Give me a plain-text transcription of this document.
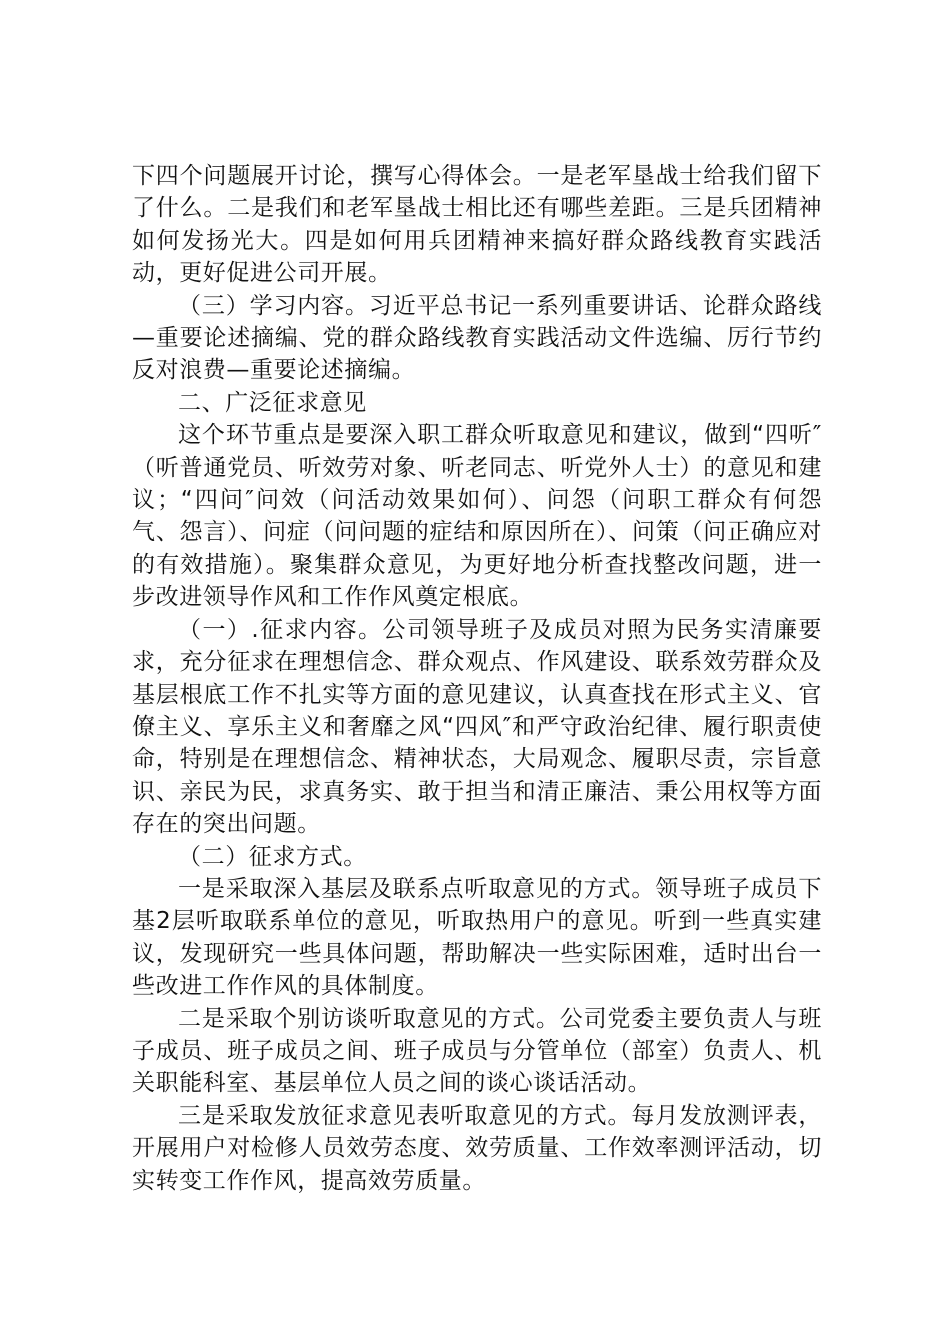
下四个问题展开讨论，撰写心得体会。一是老军垦战士给我们留下了什么。二是我们和老军垦战士相比还有哪些差距。三是兵团精神如何发扬光大。四是如何用兵团精神来搞好群众路线教育实践活动，更好促进公司开展。

（三）学习内容。习近平总书记一系列重要讲话、论群众路线—重要论述摘编、党的群众路线教育实践活动文件选编、厉行节约反对浪费—重要论述摘编。

二、广泛征求意见

这个环节重点是要深入职工群众听取意见和建议，做到“四听″（听普通党员、听效劳对象、听老同志、听党外人士）的意见和建议；“四问″问效（问活动效果如何）、问怨（问职工群众有何怨气、怨言）、问症（问问题的症结和原因所在）、问策（问正确应对的有效措施）。聚集群众意见，为更好地分析查找整改问题，进一步改进领导作风和工作作风奠定根底。

（一）.征求内容。公司领导班子及成员对照为民务实清廉要求，充分征求在理想信念、群众观点、作风建设、联系效劳群众及基层根底工作不扎实等方面的意见建议，认真查找在形式主义、官僚主义、享乐主义和奢靡之风“四风″和严守政治纪律、履行职责使命，特别是在理想信念、精神状态，大局观念、履职尽责，宗旨意识、亲民为民，求真务实、敢于担当和清正廉洁、秉公用权等方面存在的突出问题。

（二）征求方式。

一是采取深入基层及联系点听取意见的方式。领导班子成员下基2层听取联系单位的意见，听取热用户的意见。听到一些真实建议，发现研究一些具体问题，帮助解决一些实际困难，适时出台一些改进工作作风的具体制度。

二是采取个别访谈听取意见的方式。公司党委主要负责人与班子成员、班子成员之间、班子成员与分管单位（部室）负责人、机关职能科室、基层单位人员之间的谈心谈话活动。

三是采取发放征求意见表听取意见的方式。每月发放测评表，开展用户对检修人员效劳态度、效劳质量、工作效率测评活动，切实转变工作作风，提高效劳质量。
